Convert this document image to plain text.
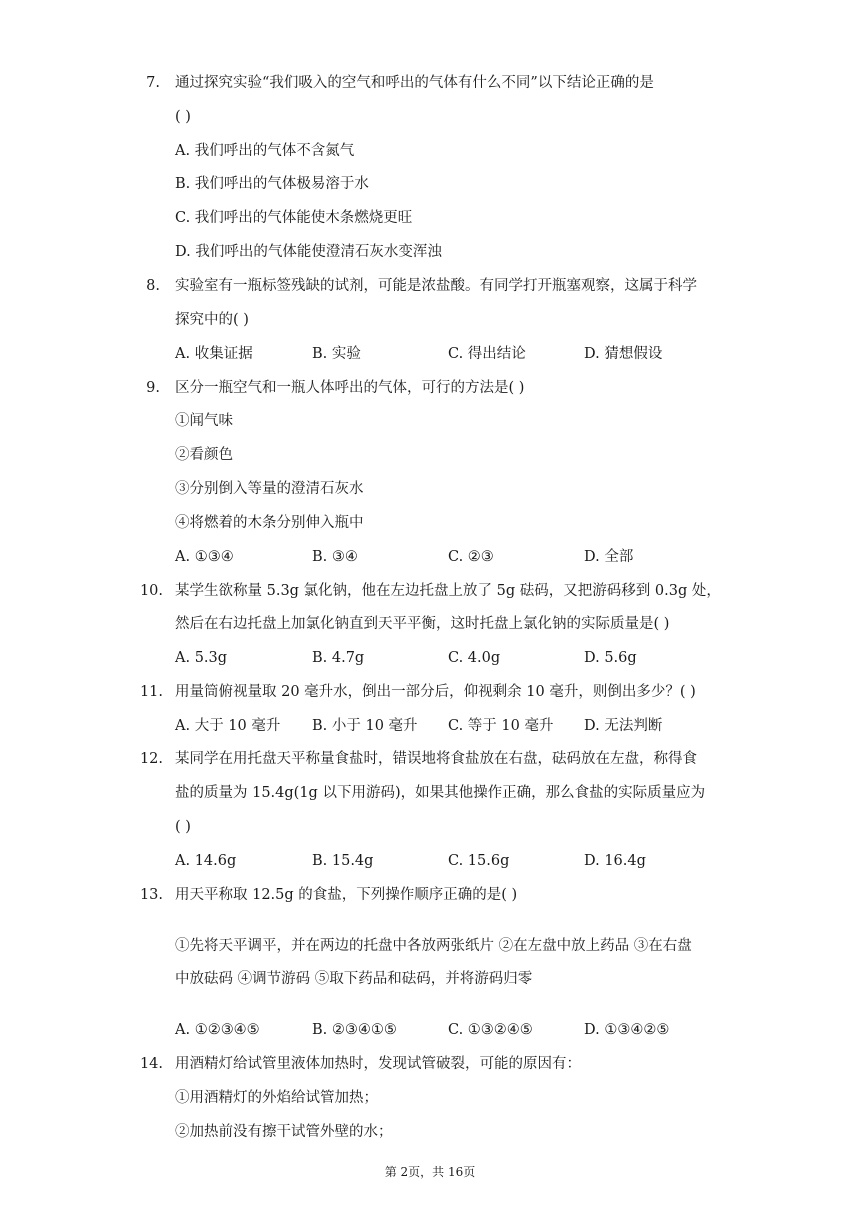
7. 通过探究实验“我们吸入的空气和呼出的气体有什么不同”以下结论正确的是
( )
A. 我们呼出的气体不含氮气
B. 我们呼出的气体极易溶于水
C. 我们呼出的气体能使木条燃烧更旺
D. 我们呼出的气体能使澄清石灰水变浑浊
8. 实验室有一瓶标签残缺的试剂，可能是浓盐酸。有同学打开瓶塞观察，这属于科学
探究中的( )
A. 收集证据	B. 实验	C. 得出结论	D. 猜想假设
9. 区分一瓶空气和一瓶人体呼出的气体，可行的方法是( )
①闻气味
②看颜色
③分别倒入等量的澄清石灰水
④将燃着的木条分别伸入瓶中
A. ①③④	B. ③④	C. ②③	D. 全部
10. 某学生欲称量 5.3g 氯化钠，他在左边托盘上放了 5g 砝码，又把游码移到 0.3g 处，
然后在右边托盘上加氯化钠直到天平平衡，这时托盘上氯化钠的实际质量是( )
A. 5.3g	B. 4.7g	C. 4.0g	D. 5.6g
11. 用量筒俯视量取 20 毫升水，倒出一部分后，仰视剩余 10 毫升，则倒出多少？( )
A. 大于 10 毫升 B. 小于 10 毫升 C. 等于 10 毫升 D. 无法判断
12. 某同学在用托盘天平称量食盐时，错误地将食盐放在右盘，砝码放在左盘，称得食
盐的质量为 15.4g(1g 以下用游码)，如果其他操作正确，那么食盐的实际质量应为
( )
A. 14.6g	B. 15.4g	C. 15.6g	D. 16.4g
13. 用天平称取 12.5g 的食盐，下列操作顺序正确的是( )
①先将天平调平，并在两边的托盘中各放两张纸片 ②在左盘中放上药品 ③在右盘
中放砝码 ④调节游码 ⑤取下药品和砝码，并将游码归零
A. ①②③④⑤	B. ②③④①⑤	C. ①③②④⑤	D. ①③④②⑤
14. 用酒精灯给试管里液体加热时，发现试管破裂，可能的原因有：
①用酒精灯的外焰给试管加热；
②加热前没有擦干试管外壁的水；
第 2页，共 16页
